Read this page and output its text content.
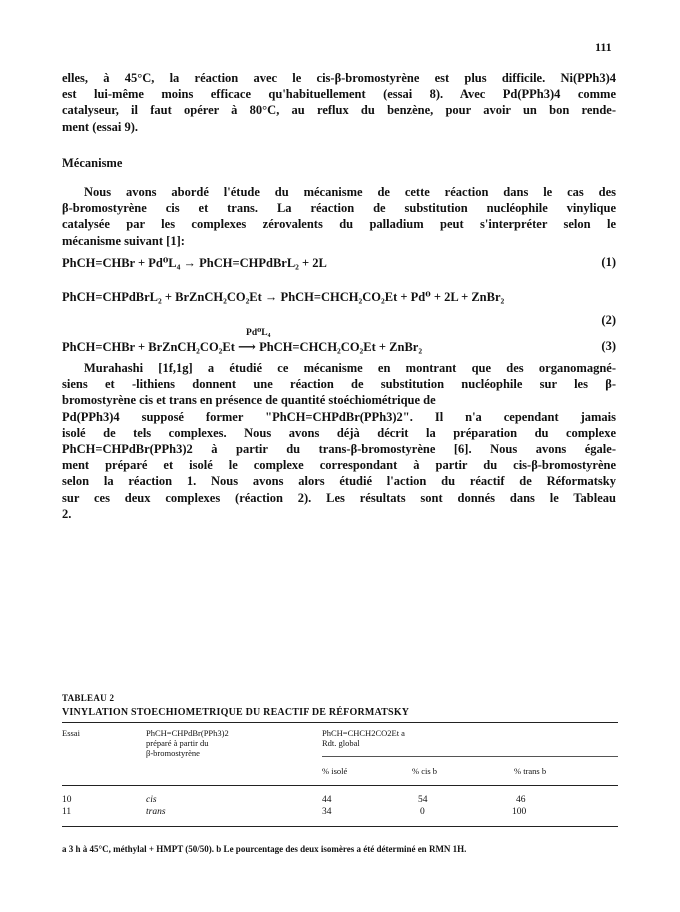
111
elles, à 45°C, la réaction avec le cis-β-bromostyrène est plus difficile. Ni(PPh3)4
est lui-même moins efficace qu'habituellement (essai 8). Avec Pd(PPh3)4 comme
catalyseur, il faut opérer à 80°C, au reflux du benzène, pour avoir un bon rende-
ment (essai 9).
Mécanisme
Nous avons abordé l'étude du mécanisme de cette réaction dans le cas des
β-bromostyrène cis et trans. La réaction de substitution nucléophile vinylique
catalysée par les complexes zérovalents du palladium peut s'interpréter selon le
mécanisme suivant [1]:
PhCH=CHBr + Pd⁰L₄ → PhCH=CHPdBrL₂ + 2L	(1)
PhCH=CHPdBrL₂ + BrZnCH₂CO₂Et → PhCH=CHCH₂CO₂Et + Pd⁰ + 2L + ZnBr₂
(2)
PhCH=CHBr + BrZnCH₂CO₂Et
Pd⁰L₄
⟶ PhCH=CHCH₂CO₂Et + ZnBr₂	(3)
Murahashi [1f,1g] a étudié ce mécanisme en montrant que des organomagné-
siens et -lithiens donnent une réaction de substitution nucléophile sur les β-
bromostyrène cis et trans en présence de quantité stoéchiométrique de
Pd(PPh3)4 supposé former "PhCH=CHPdBr(PPh3)2". Il n'a cependant jamais
isolé de tels complexes. Nous avons déjà décrit la préparation du complexe
PhCH=CHPdBr(PPh3)2 à partir du trans-β-bromostyrène [6]. Nous avons égale-
ment préparé et isolé le complexe correspondant à partir du cis-β-bromostyrène
selon la réaction 1. Nous avons alors étudié l'action du réactif de Réformatsky
sur ces deux complexes (réaction 2). Les résultats sont donnés dans le Tableau
2.
TABLEAU 2
VINYLATION STOECHIOMETRIQUE DU REACTIF DE RÉFORMATSKY
Essai	PhCH=CHPdBr(PPh3)2
préparé à partir du
β-bromostyrène
PhCH=CHCH2CO2Et a
Rdt. global
% isolé	% cis b	% trans b
10	cis	44	54	46
11	trans	34	0	100
a 3 h à 45°C, méthylal + HMPT (50/50). b Le pourcentage des deux isomères a été déterminé en RMN 1H.
